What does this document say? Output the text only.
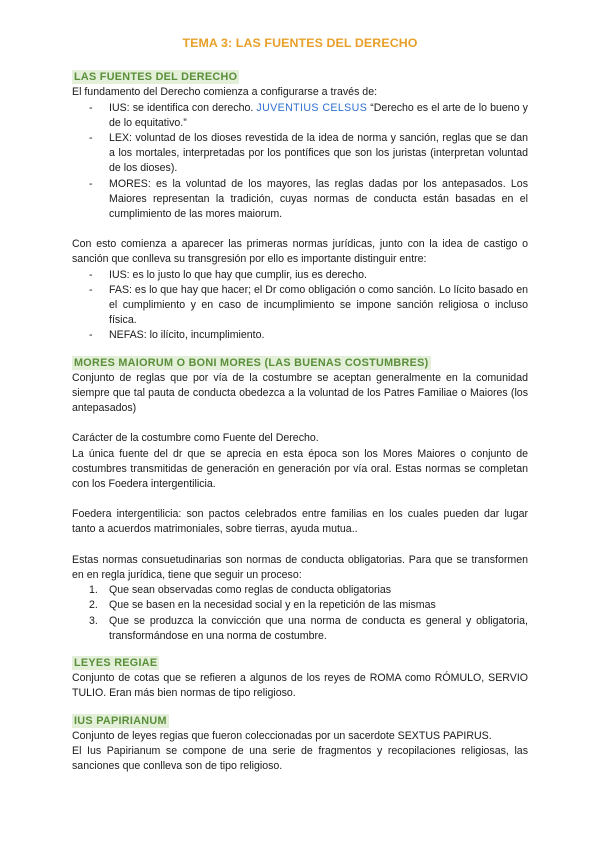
TEMA 3: LAS FUENTES DEL DERECHO
LAS FUENTES DEL DERECHO

El fundamento del Derecho comienza a configurarse a través de:

- IUS: se identifica con derecho. JUVENTIUS CELSUS “Derecho es el arte de lo bueno y de lo equitativo.”
- LEX: voluntad de los dioses revestida de la idea de norma y sanción, reglas que se dan a los mortales, interpretadas por los pontífices que son los juristas (interpretan voluntad de los dioses).
- MORES: es la voluntad de los mayores, las reglas dadas por los antepasados. Los Maiores representan la tradición, cuyas normas de conducta están basadas en el cumplimiento de las mores maiorum.

Con esto comienza a aparecer las primeras normas jurídicas, junto con la idea de castigo o sanción que conlleva su transgresión por ello es importante distinguir entre:

- IUS: es lo justo lo que hay que cumplir, ius es derecho.
- FAS: es lo que hay que hacer; el Dr como obligación o como sanción. Lo lícito basado en el cumplimiento y en caso de incumplimiento se impone sanción religiosa o incluso física.
- NEFAS: lo ilícito, incumplimiento.
MORES MAIORUM O BONI MORES (LAS BUENAS COSTUMBRES)

Conjunto de reglas que por vía de la costumbre se aceptan generalmente en la comunidad siempre que tal pauta de conducta obedezca a la voluntad de los Patres Familiae o Maiores (los antepasados)

Carácter de la costumbre como Fuente del Derecho.

La única fuente del dr que se aprecia en esta época son los Mores Maiores o conjunto de costumbres transmitidas de generación en generación por vía oral. Estas normas se completan con los Foedera intergentilicia.

Foedera intergentilicia: son pactos celebrados entre familias en los cuales pueden dar lugar tanto a acuerdos matrimoniales, sobre tierras, ayuda mutua..

Estas normas consuetudinarias son normas de conducta obligatorias. Para que se transformen en en regla jurídica, tiene que seguir un proceso:

1. Que sean observadas como reglas de conducta obligatorias
2. Que se basen en la necesidad social y en la repetición de las mismas
3. Que se produzca la convicción que una norma de conducta es general y obligatoria, transformándose en una norma de costumbre.
LEYES REGIAE

Conjunto de cotas que se refieren a algunos de los reyes de ROMA como RÓMULO, SERVIO TULIO. Eran más bien normas de tipo religioso.

IUS PAPIRIANUM

Conjunto de leyes regias que fueron coleccionadas por un sacerdote SEXTUS PAPIRUS.

El Ius Papirianum se compone de una serie de fragmentos y recopilaciones religiosas, las sanciones que conlleva son de tipo religioso.
